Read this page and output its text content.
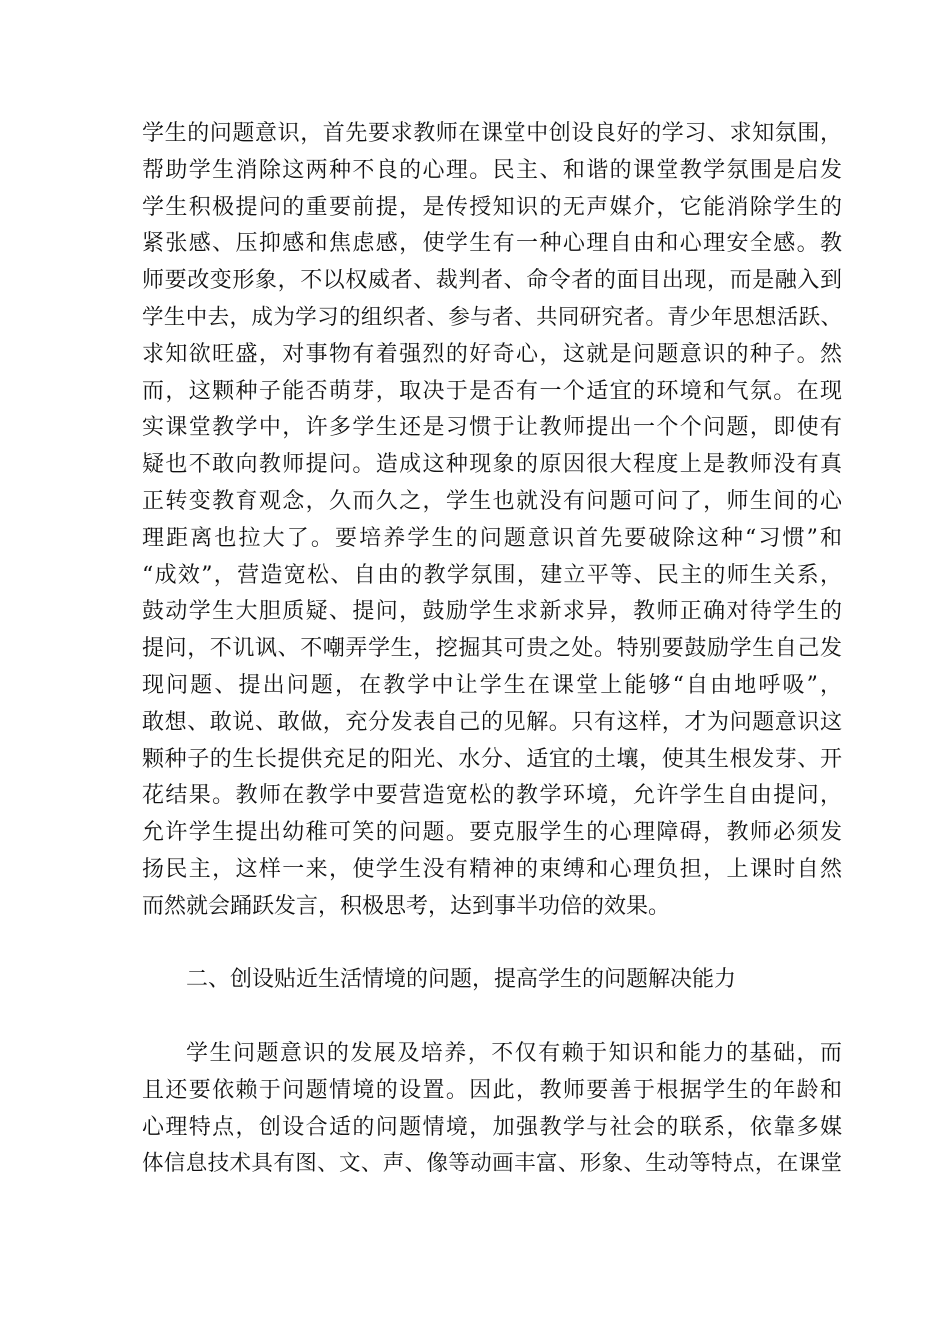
学生的问题意识，首先要求教师在课堂中创设良好的学习、求知氛围，
帮助学生消除这两种不良的心理。民主、和谐的课堂教学氛围是启发
学生积极提问的重要前提，是传授知识的无声媒介，它能消除学生的
紧张感、压抑感和焦虑感，使学生有一种心理自由和心理安全感。教
师要改变形象，不以权威者、裁判者、命令者的面目出现，而是融入到
学生中去，成为学习的组织者、参与者、共同研究者。青少年思想活跃、
求知欲旺盛，对事物有着强烈的好奇心，这就是问题意识的种子。然
而，这颗种子能否萌芽，取决于是否有一个适宜的环境和气氛。在现
实课堂教学中，许多学生还是习惯于让教师提出一个个问题，即使有
疑也不敢向教师提问。造成这种现象的原因很大程度上是教师没有真
正转变教育观念，久而久之，学生也就没有问题可问了，师生间的心
理距离也拉大了。要培养学生的问题意识首先要破除这种“习惯”和
“成效”，营造宽松、自由的教学氛围，建立平等、民主的师生关系，
鼓动学生大胆质疑、提问，鼓励学生求新求异，教师正确对待学生的
提问，不讥讽、不嘲弄学生，挖掘其可贵之处。特别要鼓励学生自己发
现问题、提出问题，在教学中让学生在课堂上能够“自由地呼吸”，
敢想、敢说、敢做，充分发表自己的见解。只有这样，才为问题意识这
颗种子的生长提供充足的阳光、水分、适宜的土壤，使其生根发芽、开
花结果。教师在教学中要营造宽松的教学环境，允许学生自由提问，
允许学生提出幼稚可笑的问题。要克服学生的心理障碍，教师必须发
扬民主，这样一来，使学生没有精神的束缚和心理负担，上课时自然
而然就会踊跃发言，积极思考，达到事半功倍的效果。
二、创设贴近生活情境的问题，提高学生的问题解决能力
学生问题意识的发展及培养，不仅有赖于知识和能力的基础，而
且还要依赖于问题情境的设置。因此，教师要善于根据学生的年龄和
心理特点，创设合适的问题情境，加强教学与社会的联系，依靠多媒
体信息技术具有图、文、声、像等动画丰富、形象、生动等特点，在课堂
